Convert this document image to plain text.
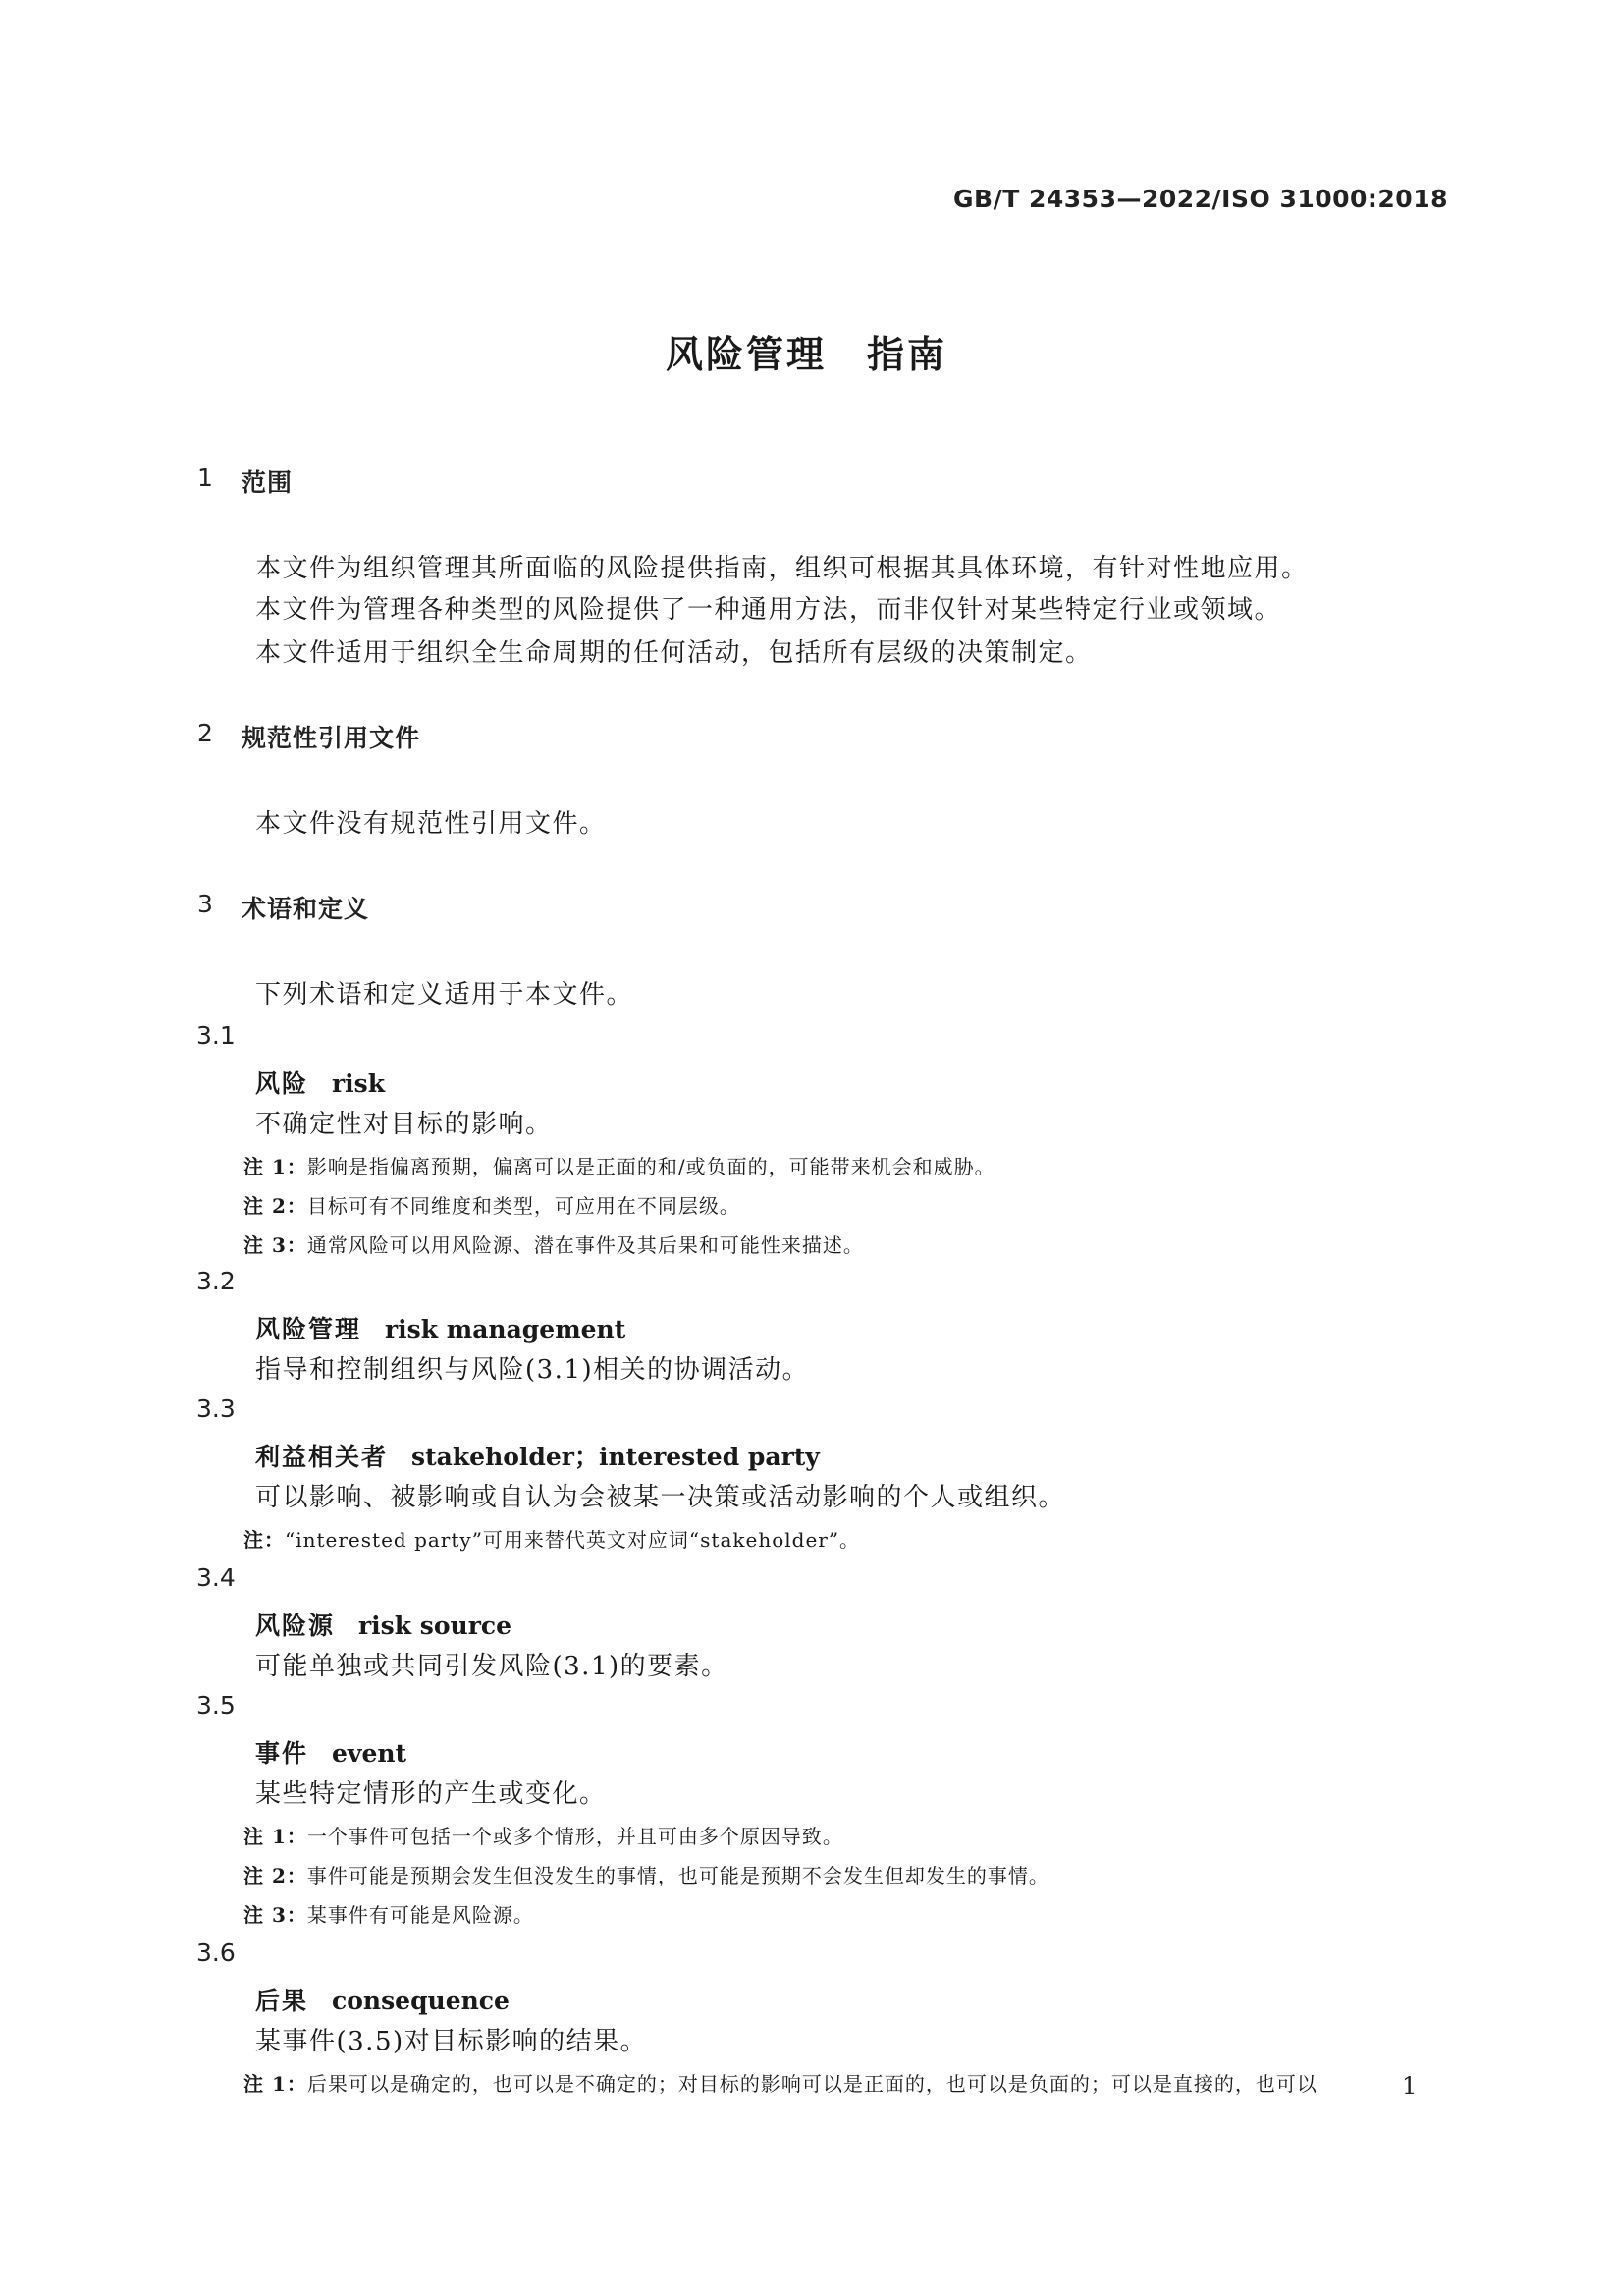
GB/T 24353—2022/ISO 31000:2018
风险管理　指南
1 范围
本文件为组织管理其所面临的风险提供指南，组织可根据其具体环境，有针对性地应用。
本文件为管理各种类型的风险提供了一种通用方法，而非仅针对某些特定行业或领域。
本文件适用于组织全生命周期的任何活动，包括所有层级的决策制定。
2 规范性引用文件
本文件没有规范性引用文件。
3 术语和定义
下列术语和定义适用于本文件。
3.1
风险 risk
不确定性对目标的影响。
注 1：影响是指偏离预期，偏离可以是正面的和/或负面的，可能带来机会和威胁。
注 2：目标可有不同维度和类型，可应用在不同层级。
注 3：通常风险可以用风险源、潜在事件及其后果和可能性来描述。
3.2
风险管理 risk management
指导和控制组织与风险(3.1)相关的协调活动。
3.3
利益相关者 stakeholder；interested party
可以影响、被影响或自认为会被某一决策或活动影响的个人或组织。
注：“interested party”可用来替代英文对应词“stakeholder”。
3.4
风险源 risk source
可能单独或共同引发风险(3.1)的要素。
3.5
事件 event
某些特定情形的产生或变化。
注 1：一个事件可包括一个或多个情形，并且可由多个原因导致。
注 2：事件可能是预期会发生但没发生的事情，也可能是预期不会发生但却发生的事情。
注 3：某事件有可能是风险源。
3.6
后果 consequence
某事件(3.5)对目标影响的结果。
注 1：后果可以是确定的，也可以是不确定的；对目标的影响可以是正面的，也可以是负面的；可以是直接的，也可以	1
